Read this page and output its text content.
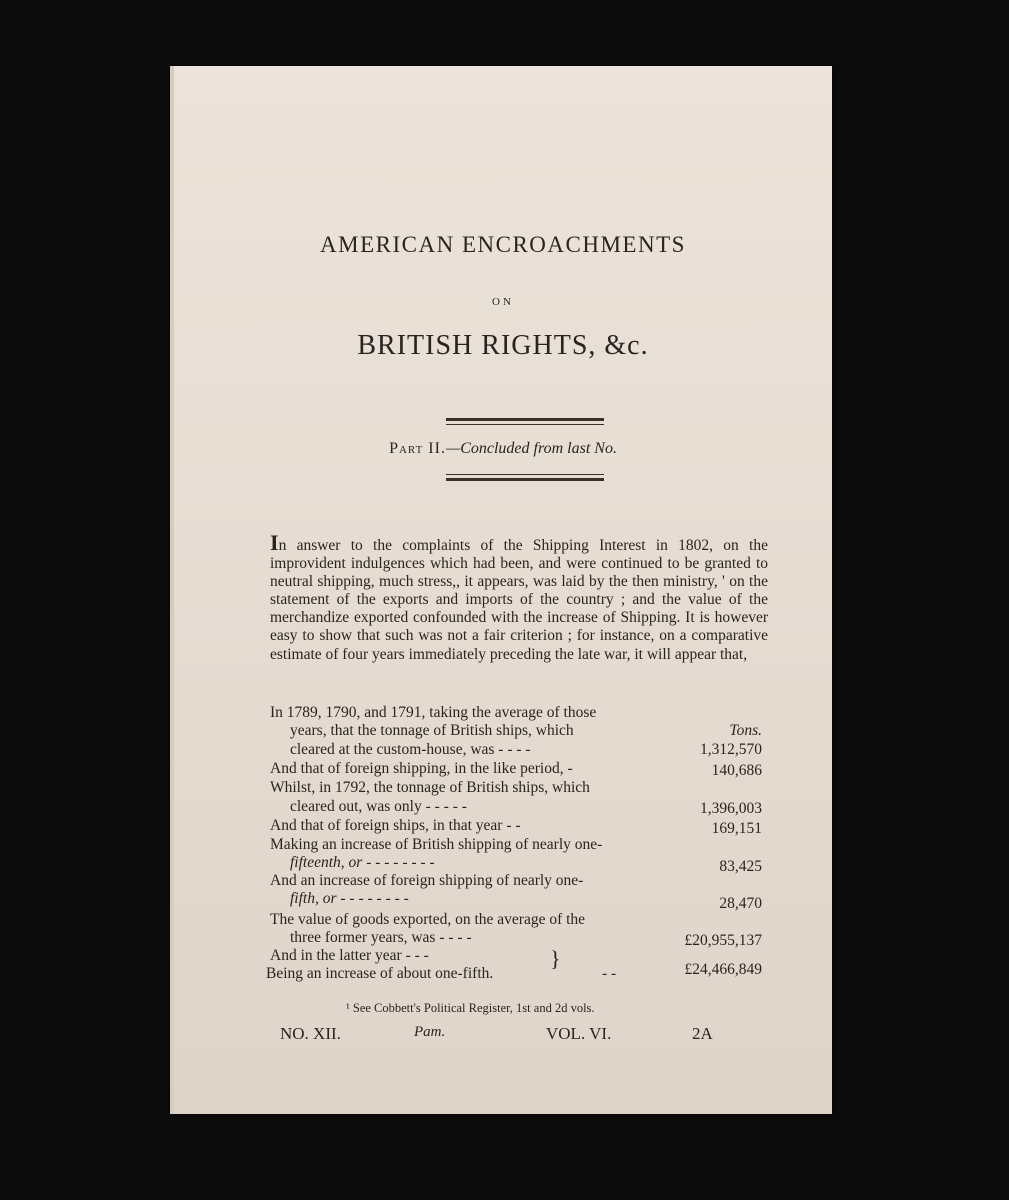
AMERICAN ENCROACHMENTS
ON
BRITISH RIGHTS, &c.
Part II.—Concluded from last No.
In answer to the complaints of the Shipping Interest in 1802, on the improvident indulgences which had been, and were continued to be granted to neutral shipping, much stress,, it appears, was laid by the then ministry, ' on the statement of the exports and imports of the country ; and the value of the merchandize exported confounded with the increase of Shipping. It is however easy to show that such was not a fair criterion ; for instance, on a comparative estimate of four years immediately preceding the late war, it will appear that,
In 1789, 1790, and 1791, taking the average of those
years, that the tonnage of British ships, which	Tons.
cleared at the custom-house, was - - - -	1,312,570
And that of foreign shipping, in the like period, -	140,686
Whilst, in 1792, the tonnage of British ships, which
cleared out, was only - - - - -	1,396,003
And that of foreign ships, in that year - -	169,151
Making an increase of British shipping of nearly one-
fifteenth, or - - - - - - - -	83,425
And an increase of foreign shipping of nearly one-
fifth, or - - - - - - - -	28,470
The value of goods exported, on the average of the
three former years, was - - - -	£20,955,137
And in the latter year - - -	}
Being an increase of about one-fifth.	- -	£24,466,849
¹ See Cobbett's Political Register, 1st and 2d vols.
NO. XII.	Pam.	VOL. VI.	2A
